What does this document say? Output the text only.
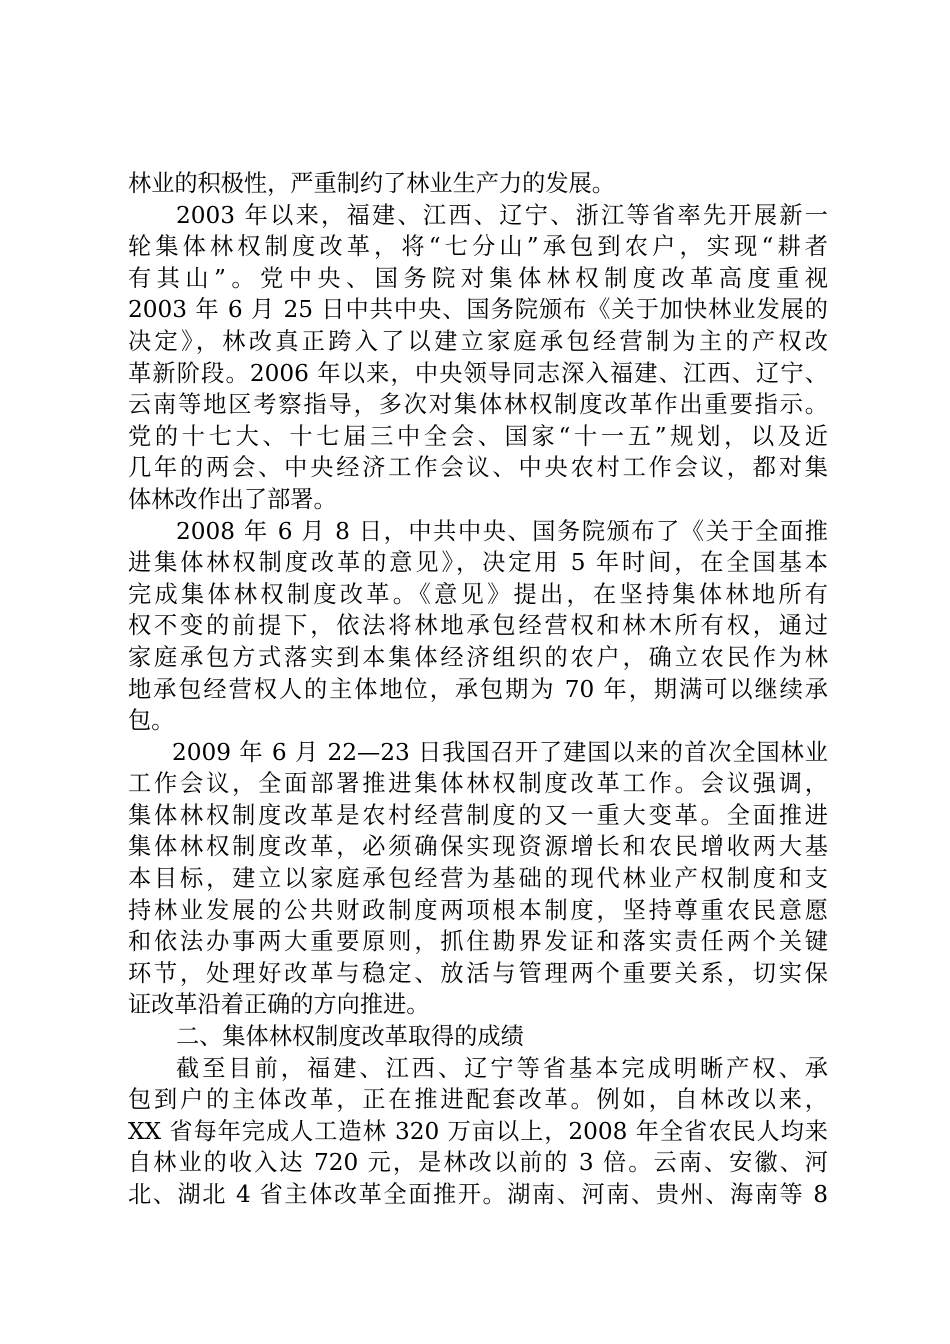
林业的积极性，严重制约了林业生产力的发展。
2003 年以来，福建、江西、辽宁、浙江等省率先开展新一
轮集体林权制度改革，将“七分山”承包到农户，实现“耕者
有其山”。党中央、国务院对集体林权制度改革高度重视
2003 年 6 月 25 日中共中央、国务院颁布《关于加快林业发展的
决定》，林改真正跨入了以建立家庭承包经营制为主的产权改
革新阶段。2006 年以来，中央领导同志深入福建、江西、辽宁、
云南等地区考察指导，多次对集体林权制度改革作出重要指示。
党的十七大、十七届三中全会、国家“十一五”规划，以及近
几年的两会、中央经济工作会议、中央农村工作会议，都对集
体林改作出了部署。
2008 年 6 月 8 日，中共中央、国务院颁布了《关于全面推
进集体林权制度改革的意见》，决定用 5 年时间，在全国基本
完成集体林权制度改革。《意见》提出，在坚持集体林地所有
权不变的前提下，依法将林地承包经营权和林木所有权，通过
家庭承包方式落实到本集体经济组织的农户，确立农民作为林
地承包经营权人的主体地位，承包期为 70 年，期满可以继续承
包。
2009 年 6 月 22—23 日我国召开了建国以来的首次全国林业
工作会议，全面部署推进集体林权制度改革工作。会议强调，
集体林权制度改革是农村经营制度的又一重大变革。全面推进
集体林权制度改革，必须确保实现资源增长和农民增收两大基
本目标，建立以家庭承包经营为基础的现代林业产权制度和支
持林业发展的公共财政制度两项根本制度，坚持尊重农民意愿
和依法办事两大重要原则，抓住勘界发证和落实责任两个关键
环节，处理好改革与稳定、放活与管理两个重要关系，切实保
证改革沿着正确的方向推进。
二、集体林权制度改革取得的成绩
截至目前，福建、江西、辽宁等省基本完成明晰产权、承
包到户的主体改革，正在推进配套改革。例如，自林改以来，
XX 省每年完成人工造林 320 万亩以上，2008 年全省农民人均来
自林业的收入达 720 元，是林改以前的 3 倍。云南、安徽、河
北、湖北 4 省主体改革全面推开。湖南、河南、贵州、海南等 8
